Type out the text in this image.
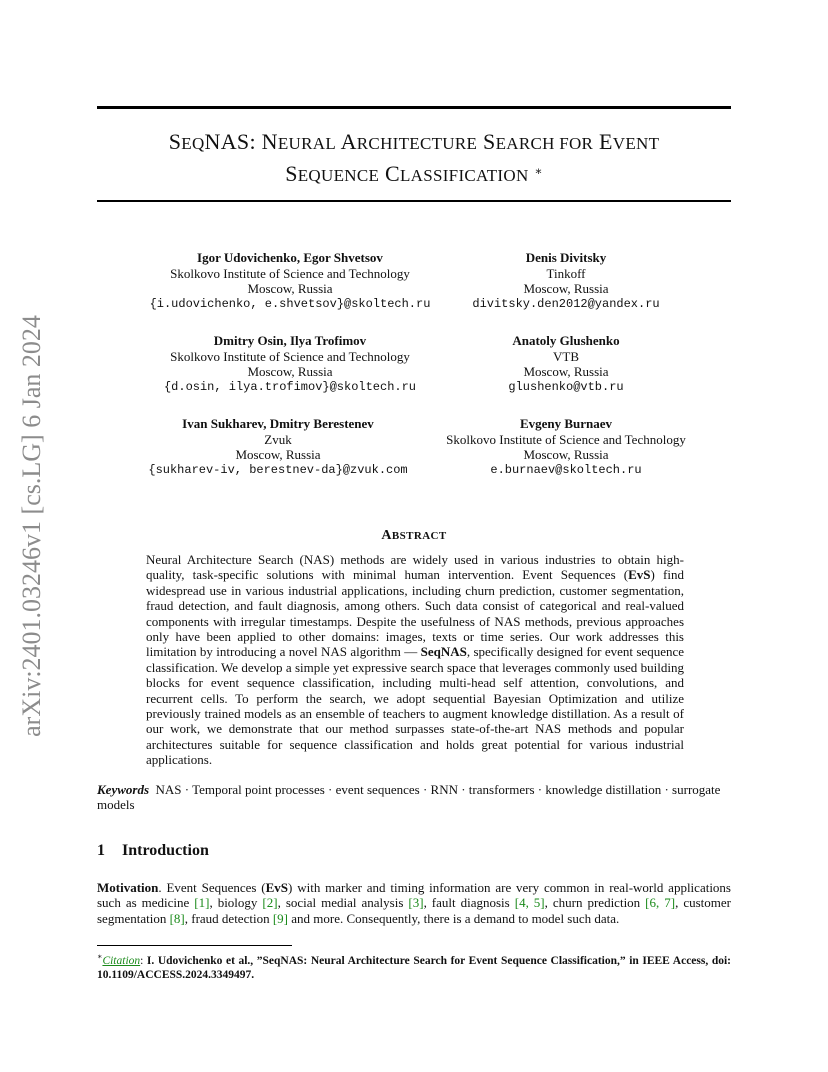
arXiv:2401.03246v1 [cs.LG] 6 Jan 2024
SEQNAS: NEURAL ARCHITECTURE SEARCH FOR EVENT
SEQUENCE CLASSIFICATION ∗
Igor Udovichenko, Egor Shvetsov
Skolkovo Institute of Science and Technology
Moscow, Russia
{i.udovichenko, e.shvetsov}@skoltech.ru
Denis Divitsky
Tinkoff
Moscow, Russia
divitsky.den2012@yandex.ru
Dmitry Osin, Ilya Trofimov
Skolkovo Institute of Science and Technology
Moscow, Russia
{d.osin, ilya.trofimov}@skoltech.ru
Anatoly Glushenko
VTB
Moscow, Russia
glushenko@vtb.ru
Ivan Sukharev, Dmitry Berestenev
Zvuk
Moscow, Russia
{sukharev-iv, berestnev-da}@zvuk.com
Evgeny Burnaev
Skolkovo Institute of Science and Technology
Moscow, Russia
e.burnaev@skoltech.ru
ABSTRACT
Neural Architecture Search (NAS) methods are widely used in various industries to obtain high-quality, task-specific solutions with minimal human intervention. Event Sequences (EvS) find widespread use in various industrial applications, including churn prediction, customer segmentation, fraud detection, and fault diagnosis, among others. Such data consist of categorical and real-valued components with irregular timestamps. Despite the usefulness of NAS methods, previous approaches only have been applied to other domains: images, texts or time series. Our work addresses this limitation by introducing a novel NAS algorithm — SeqNAS, specifically designed for event sequence classification. We develop a simple yet expressive search space that leverages commonly used building blocks for event sequence classification, including multi-head self attention, convolutions, and recurrent cells. To perform the search, we adopt sequential Bayesian Optimization and utilize previously trained models as an ensemble of teachers to augment knowledge distillation. As a result of our work, we demonstrate that our method surpasses state-of-the-art NAS methods and popular architectures suitable for sequence classification and holds great potential for various industrial applications.
Keywords NAS · Temporal point processes · event sequences · RNN · transformers · knowledge distillation · surrogate models
1 Introduction
Motivation. Event Sequences (EvS) with marker and timing information are very common in real-world applications such as medicine [1], biology [2], social medial analysis [3], fault diagnosis [4, 5], churn prediction [6, 7], customer segmentation [8], fraud detection [9] and more. Consequently, there is a demand to model such data.
∗Citation: I. Udovichenko et al., ”SeqNAS: Neural Architecture Search for Event Sequence Classification,” in IEEE Access, doi: 10.1109/ACCESS.2024.3349497.
